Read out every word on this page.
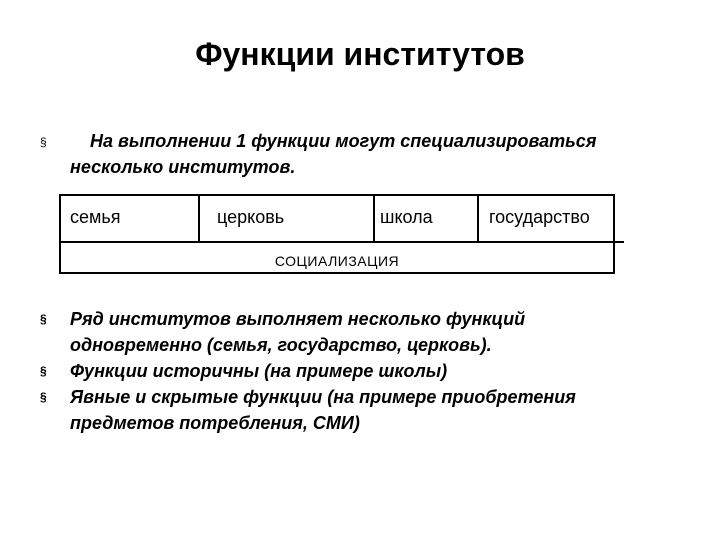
Функции институтов
§	На выполнении 1 функции могут специализироваться
несколько институтов.
семья	церковь	школа	государство
СОЦИАЛИЗАЦИЯ
§ Ряд институтов выполняет несколько функций
одновременно (семья, государство, церковь).
§ Функции историчны (на примере школы)
§ Явные и скрытые функции (на примере приобретения
предметов потребления, СМИ)
